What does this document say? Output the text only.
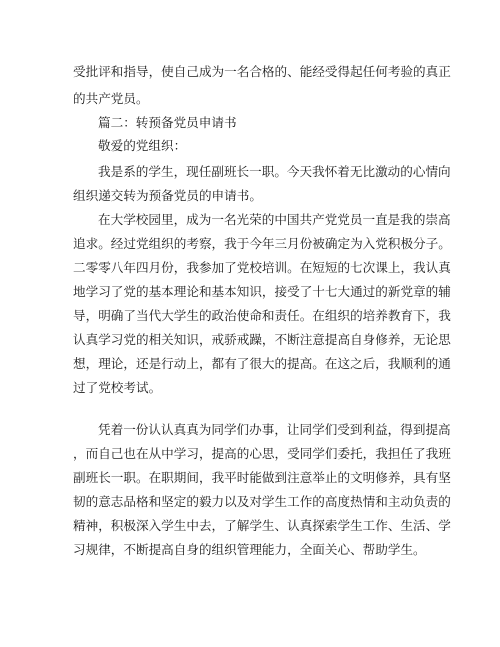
受批评和指导，使自己成为一名合格的、能经受得起任何考验的真正
的共产党员。
篇二：转预备党员申请书
敬爱的党组织：
我是系的学生，现任副班长一职。今天我怀着无比激动的心情向
组织递交转为预备党员的申请书。
在大学校园里，成为一名光荣的中国共产党党员一直是我的崇高
追求。经过党组织的考察，我于今年三月份被确定为入党积极分子。
二零零八年四月份，我参加了党校培训。在短短的七次课上，我认真
地学习了党的基本理论和基本知识，接受了十七大通过的新党章的辅
导，明确了当代大学生的政治使命和责任。在组织的培养教育下，我
认真学习党的相关知识，戒骄戒躁，不断注意提高自身修养，无论思
想，理论，还是行动上，都有了很大的提高。在这之后，我顺利的通
过了党校考试。
凭着一份认认真真为同学们办事，让同学们受到利益，得到提高
，而自己也在从中学习，提高的心思，受同学们委托，我担任了我班
副班长一职。在职期间，我平时能做到注意举止的文明修养，具有坚
韧的意志品格和坚定的毅力以及对学生工作的高度热情和主动负责的
精神，积极深入学生中去，了解学生、认真探索学生工作、生活、学
习规律，不断提高自身的组织管理能力，全面关心、帮助学生。
